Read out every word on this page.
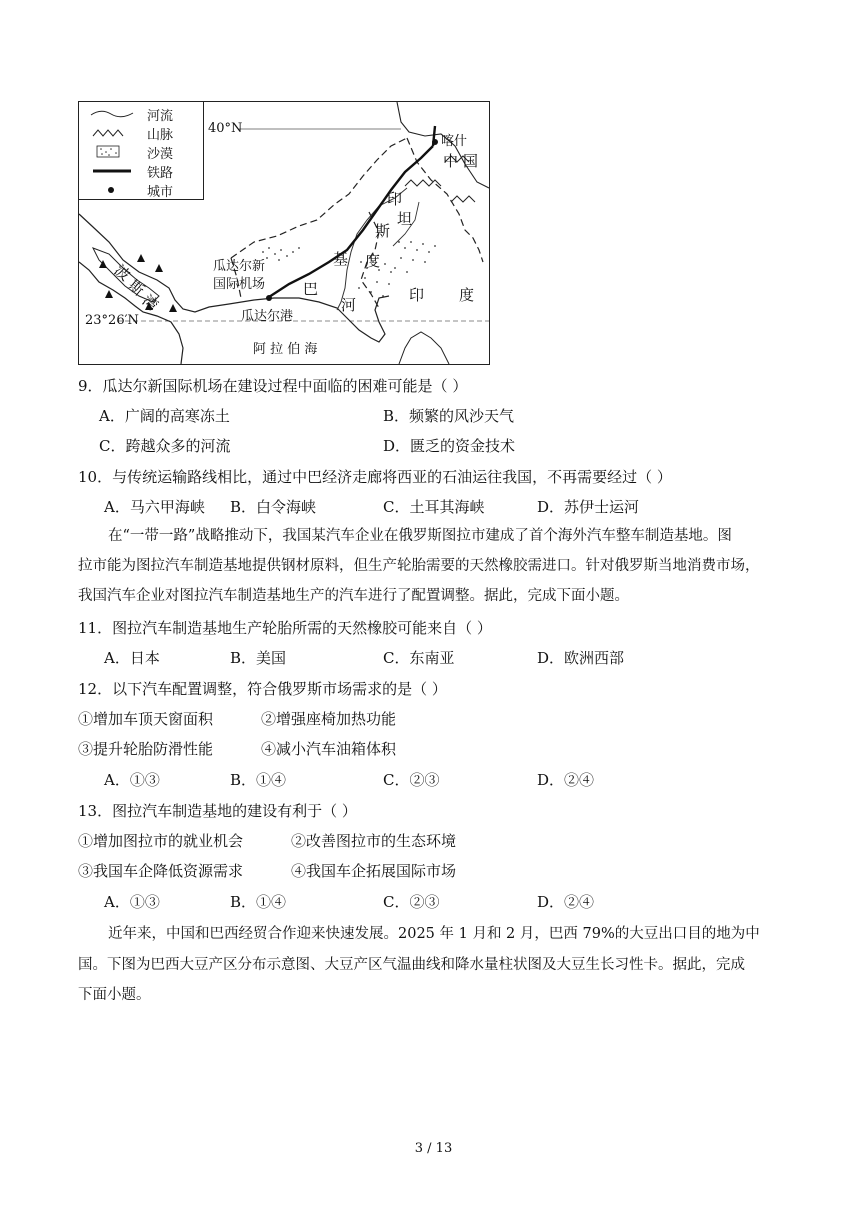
河流
山脉
沙漠
铁路
城市
40°N
23°26′N
喀什
中 国
波
斯
湾
瓜达尔新
国际机场
瓜达尔港
巴
基
斯
坦
印
度
河
印 度
阿 拉 伯 海
9．瓜达尔新国际机场在建设过程中面临的困难可能是（ ）
A．广阔的高寒冻土	B．频繁的风沙天气
C．跨越众多的河流	D．匮乏的资金技术
10．与传统运输路线相比，通过中巴经济走廊将西亚的石油运往我国，不再需要经过（ ）
A．马六甲海峡 B．白令海峡	C．土耳其海峡	D．苏伊士运河
在“一带一路”战略推动下，我国某汽车企业在俄罗斯图拉市建成了首个海外汽车整车制造基地。图
拉市能为图拉汽车制造基地提供钢材原料，但生产轮胎需要的天然橡胶需进口。针对俄罗斯当地消费市场，
我国汽车企业对图拉汽车制造基地生产的汽车进行了配置调整。据此，完成下面小题。
11．图拉汽车制造基地生产轮胎所需的天然橡胶可能来自（ ）
A．日本	B．美国	C．东南亚	D．欧洲西部
12．以下汽车配置调整，符合俄罗斯市场需求的是（ ）
①增加车顶天窗面积	②增强座椅加热功能
③提升轮胎防滑性能	④减小汽车油箱体积
A．①③	B．①④	C．②③	D．②④
13．图拉汽车制造基地的建设有利于（ ）
①增加图拉市的就业机会	②改善图拉市的生态环境
③我国车企降低资源需求	④我国车企拓展国际市场
A．①③	B．①④	C．②③	D．②④
近年来，中国和巴西经贸合作迎来快速发展。2025 年 1 月和 2 月，巴西 79%的大豆出口目的地为中
国。下图为巴西大豆产区分布示意图、大豆产区气温曲线和降水量柱状图及大豆生长习性卡。据此，完成
下面小题。
3 / 13
